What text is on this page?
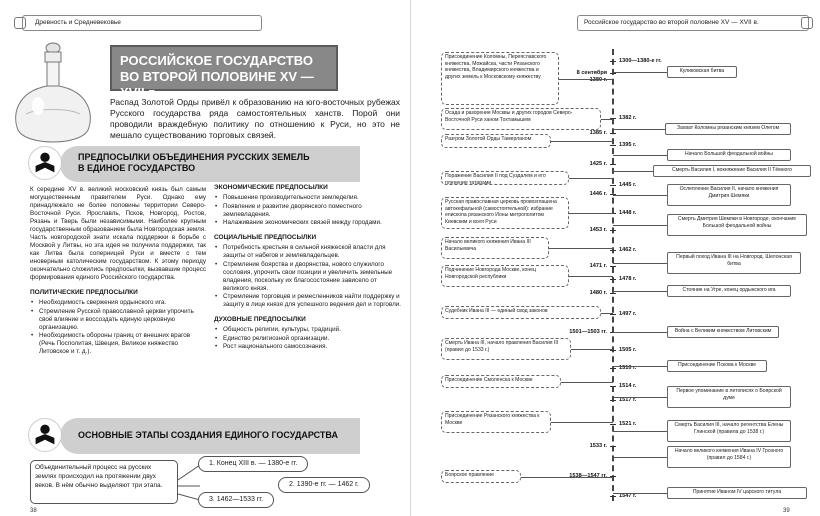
Древность и Средневековье
РОССИЙСКОЕ ГОСУДАРСТВО
ВО ВТОРОЙ ПОЛОВИНЕ XV — XVII в.

Распад Золотой Орды привёл к образованию на юго-восточных рубежах Русского государства ряда самостоятельных ханств. Порой они проводили враждебную политику по отношению к Руси, но это не мешало существованию торговых связей.

ПРЕДПОСЫЛКИ ОБЪЕДИНЕНИЯ РУССКИХ ЗЕМЕЛЬ
В ЕДИНОЕ ГОСУДАРСТВО

К середине XV в. великий московский князь был самым могущественным правителем Руси. Однако ему принадлежало не более половины территории Северо-Восточной Руси. Ярославль, Псков, Новгород, Ростов, Рязань и Тверь были независимыми. Наиболее крупным государственным образованием была Новгородская земля. Часть новгородской знати искала поддержки в борьбе с Москвой у Литвы, но эта идея не получила поддержки, так как Литва была соперницей Руси и вместе с тем иноверным католическим государством. К этому периоду окончательно сложились предпосылки, вызвавшие процесс формирования единого Российского государства.

ПОЛИТИЧЕСКИЕ ПРЕДПОСЫЛКИ
• Необходимость свержения ордынского ига.
• Стремление Русской православной церкви упрочить своё влияние и воссоздать единую церковную организацию.
• Необходимость обороны границ от внешних врагов (Речь Посполитая, Швеция, Великое княжество Литовское и т. д.).
ЭКОНОМИЧЕСКИЕ ПРЕДПОСЫЛКИ
• Повышение производительности земледелия.
• Появление и развитие дворянского поместного землевладения.
• Налаживание экономических связей между городами.
СОЦИАЛЬНЫЕ ПРЕДПОСЫЛКИ
• Потребность крестьян в сильной княжеской власти для защиты от набегов и землевладельцев.
• Стремление боярства и дворянства, нового служилого сословия, упрочить свои позиции и увеличить земельные владения, поскольку их благосостояние зависело от великого князя.
• Стремление торговцев и ремесленников найти поддержку и защиту в лице князя для успешного ведения дел и торговли.
ДУХОВНЫЕ ПРЕДПОСЫЛКИ
• Общность религии, культуры, традиций.
• Единство религиозной организации.
• Рост национального самосознания.
ОСНОВНЫЕ ЭТАПЫ СОЗДАНИЯ ЕДИНОГО ГОСУДАРСТВА
Объединительный процесс на русских землях происходил на протяжении двух веков. В нём обычно выделяют три этапа.
1. Конец XIII в. — 1380-е гг.
2. 1390-е гг. — 1462 г.
3. 1462—1533 гг.
38
Российское государство во второй половине XV — XVII в.
1300—1380-е гг.
8 сентября 1380 г.
1382 г.
1385 г.
1395 г.
1425 г.
1445 г.
1446 г.
1448 г.
1453 г.
1462 г.
1471 г.
1478 г.
1480 г.
1497 г.
1501—1503 гг.
1505 г.
1510 г.
1514 г.
1517 г.
1521 г.
1533 г.
1538—1547 гг.
1547 г.
Присоединение Коломны, Переяславского княжества, Можайска, части Рязанского княжества, Владимирского княжества и других земель к Московскому княжеству
Осада и разорение Москвы и других городов Северо-Восточной Руси ханом Тохтамышем
Разгром Золотой Орды Тамерланом
Поражение Василия II под Суздалем и его пленение татарами
Русская православная церковь провозглашена автокефальной (самостоятельной): избрание епископа рязанского Ионы митрополитом Киевским и всея Руси
Начало великого княжения Ивана III Васильевича
Подчинение Новгорода Москве, конец Новгородской республики
Судебник Ивана III — единый свод законов
Смерть Ивана III, начало правления Василия III (правил до 1533 г.)
Присоединение Смоленска к Москве
Присоединение Рязанского княжества к Москве
Боярское правление
Куликовская битва
Захват Коломны рязанским князем Олегом
Начало Большой феодальной войны
Смерть Василия I, вокняжение Василия II Тёмного
Ослепление Василия II, начало княжения Дмитрия Шемяки
Смерть Дмитрия Шемяки в Новгороде, окончание Большой феодальной войны
Первый поход Ивана III на Новгород. Шелонская битва
Стояние на Угре, конец ордынского ига
Война с Великим княжеством Литовским
Присоединение Пскова к Москве
Первое упоминание в летописях о Боярской думе
Смерть Василия III, начало регентства Елены Глинской (правила до 1538 г.)
Начало великого княжения Ивана IV Грозного (правил до 1584 г.)
Принятие Иваном IV царского титула
39
